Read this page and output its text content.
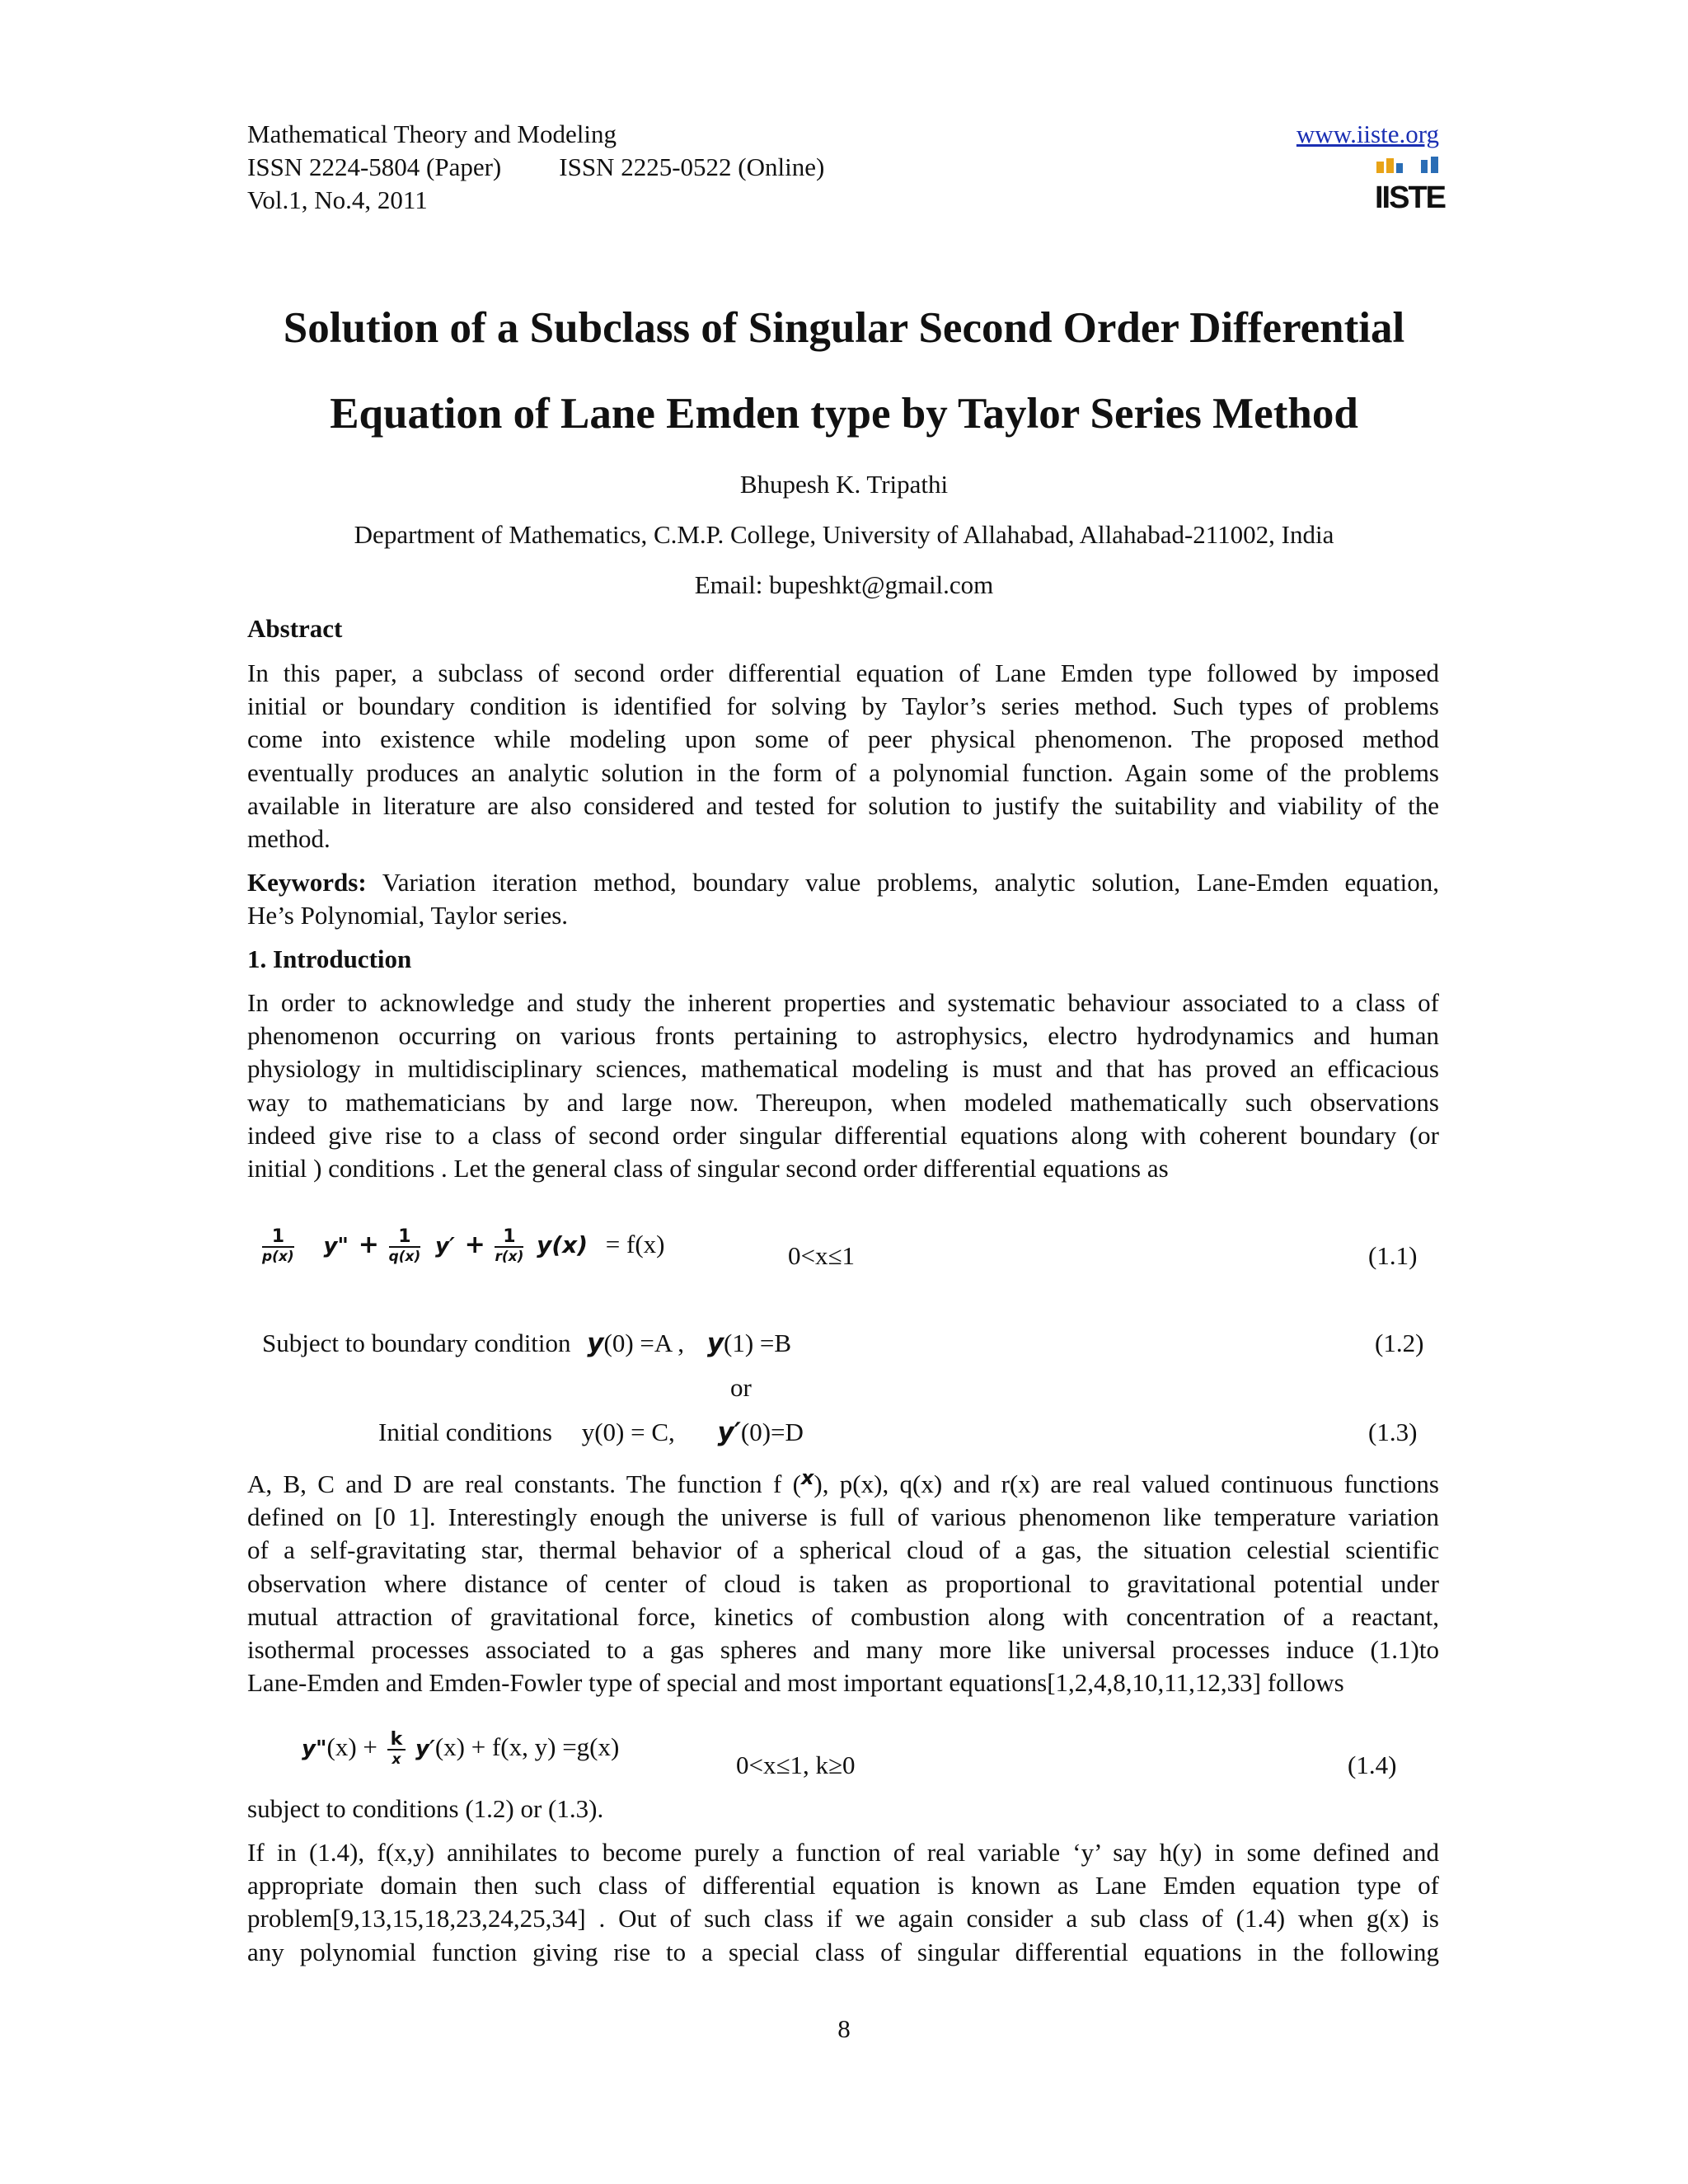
Mathematical Theory and Modeling
ISSN 2224-5804 (Paper) ISSN 2225-0522 (Online)
Vol.1, No.4, 2011
www.iiste.org
IISTE
Solution of a Subclass of Singular Second Order Differential
Equation of Lane Emden type by Taylor Series Method
Bhupesh K. Tripathi
Department of Mathematics, C.M.P. College, University of Allahabad, Allahabad-211002, India
Email: bupeshkt@gmail.com
Abstract
In this paper, a subclass of second order differential equation of Lane Emden type followed by imposed
initial or boundary condition is identified for solving by Taylor’s series method. Such types of problems
come into existence while modeling upon some of peer physical phenomenon. The proposed method
eventually produces an analytic solution in the form of a polynomial function. Again some of the problems
available in literature are also considered and tested for solution to justify the suitability and viability of the
method.
Keywords: Variation iteration method, boundary value problems, analytic solution, Lane-Emden equation,
He’s Polynomial, Taylor series.
1. Introduction
In order to acknowledge and study the inherent properties and systematic behaviour associated to a class of
phenomenon occurring on various fronts pertaining to astrophysics, electro hydrodynamics and human
physiology in multidisciplinary sciences, mathematical modeling is must and that has proved an efficacious
way to mathematicians by and large now. Thereupon, when modeled mathematically such observations
indeed give rise to a class of second order singular differential equations along with coherent boundary (or
initial ) conditions . Let the general class of singular second order differential equations as
$\frac{1}{p(x)} y$" + $\frac{1}{q(x)} y' + \frac{1}{r(x)} y(x) = f(x)$	0<x≤1	(1.1)
Subject to boundary condition y(0) =A , y(1) =B	(1.2)
or
Initial conditions y(0) = C, y′(0)=D	(1.3)
A, B, C and D are real constants. The function f ($^x$), p(x), q(x) and r(x) are real valued continuous functions
defined on [0 1]. Interestingly enough the universe is full of various phenomenon like temperature variation
of a self-gravitating star, thermal behavior of a spherical cloud of a gas, the situation celestial scientific
observation where distance of center of cloud is taken as proportional to gravitational potential under
mutual attraction of gravitational force, kinetics of combustion along with concentration of a reactant,
isothermal processes associated to a gas spheres and many more like universal processes induce (1.1)to
Lane-Emden and Emden-Fowler type of special and most important equations[1,2,4,8,10,11,12,33] follows
y"(x) + $\frac{k}{x} y'(x) + f(x$, y) =g(x)
0<x≤1, k≥0	(1.4)
subject to conditions (1.2) or (1.3).
If in (1.4), f(x,y) annihilates to become purely a function of real variable ‘y’ say h(y) in some defined and
appropriate domain then such class of differential equation is known as Lane Emden equation type of
problem[9,13,15,18,23,24,25,34] . Out of such class if we again consider a sub class of (1.4) when g(x) is
any polynomial function giving rise to a special class of singular differential equations in the following
8
